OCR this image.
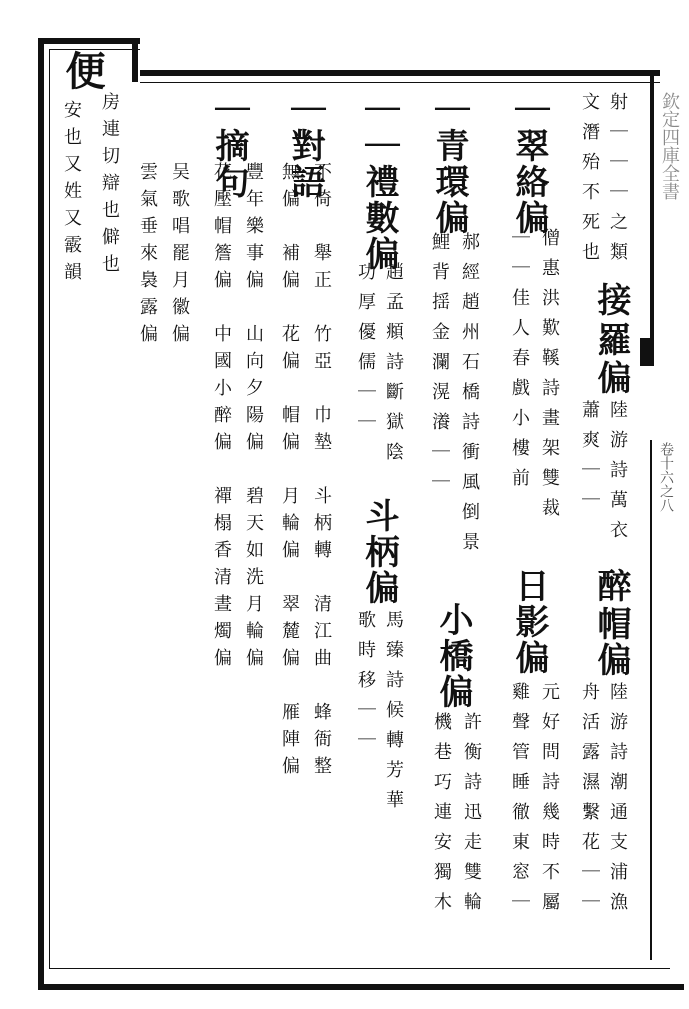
便
欽定四庫全書
卷十六之八
射｜｜｜之類
文潛殆不死也
接
羅
偏
陸游詩萬衣
蕭爽｜｜
醉
帽
偏
陸游詩潮通支浦漁
舟活露濕繫花｜｜
｜翠絡偏
僧惠洪歎鞵詩畫架雙裁
｜｜佳人春戲小樓前
日影偏
元好問詩幾時不屬
雞聲管睡徹東窓｜
｜青環偏
郝經趙州石橋詩衝風倒景
鯉背揺金瀾滉瀁｜｜
小橋偏
許衡詩迅走雙輪
機巷巧連安獨木
｜｜禮數偏
趙孟頫詩斷獄陰
功厚優儒｜｜
斗柄偏
馬臻詩候轉芳華
歌時移｜｜
｜對語
不倚　舉正　竹亞　巾墊　斗柄轉　清江曲　蜂衙整
無偏　補偏　花偏　帽偏　月輪偏　翠麓偏　雁陣偏
｜摘句
豐年樂事偏　山向夕陽偏　碧天如洗月輪偏
花壓帽簷偏　中國小醉偏　禪榻香清晝燭偏
吴歌唱罷月徽偏
雲氣垂來裊露偏
房連切辯也僻也
安也又姓又霰韻
